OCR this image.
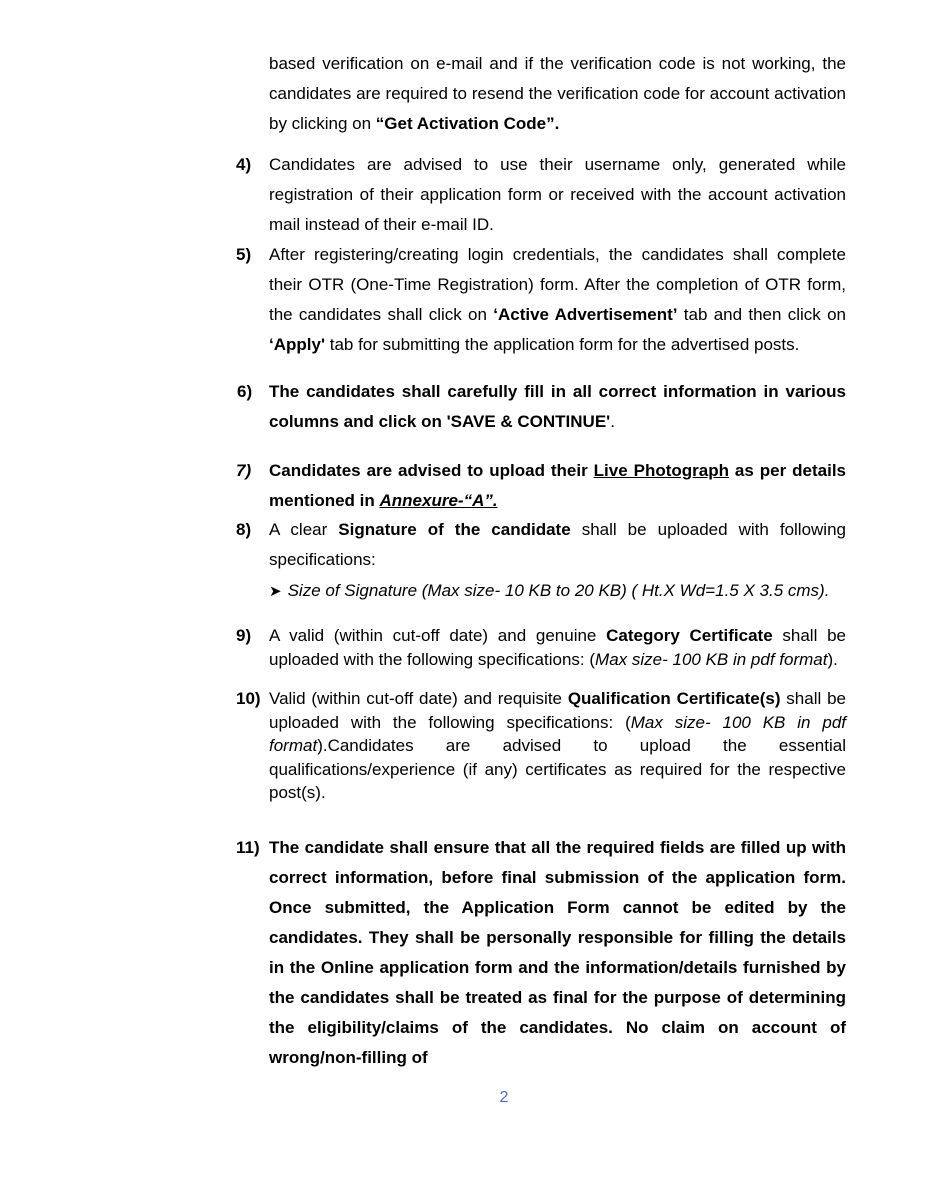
based verification on e-mail and if the verification code is not working, the candidates are required to resend the verification code for account activation by clicking on “Get Activation Code”.
4) Candidates are advised to use their username only, generated while registration of their application form or received with the account activation mail instead of their e-mail ID.
5) After registering/creating login credentials, the candidates shall complete their OTR (One-Time Registration) form. After the completion of OTR form, the candidates shall click on ‘Active Advertisement’ tab and then click on ‘Apply' tab for submitting the application form for the advertised posts.
6) The candidates shall carefully fill in all correct information in various columns and click on 'SAVE & CONTINUE'.
7) Candidates are advised to upload their Live Photograph as per details mentioned in Annexure-“A”.
8) A clear Signature of the candidate shall be uploaded with following specifications:
➤ Size of Signature (Max size- 10 KB to 20 KB) ( Ht.X Wd=1.5 X 3.5 cms).
9) A valid (within cut-off date) and genuine Category Certificate shall be uploaded with the following specifications: (Max size- 100 KB in pdf format).
10) Valid (within cut-off date) and requisite Qualification Certificate(s) shall be uploaded with the following specifications: (Max size- 100 KB in pdf format).Candidates are advised to upload the essential qualifications/experience (if any) certificates as required for the respective post(s).
11) The candidate shall ensure that all the required fields are filled up with correct information, before final submission of the application form. Once submitted, the Application Form cannot be edited by the candidates. They shall be personally responsible for filling the details in the Online application form and the information/details furnished by the candidates shall be treated as final for the purpose of determining the eligibility/claims of the candidates. No claim on account of wrong/non-filling of
2
